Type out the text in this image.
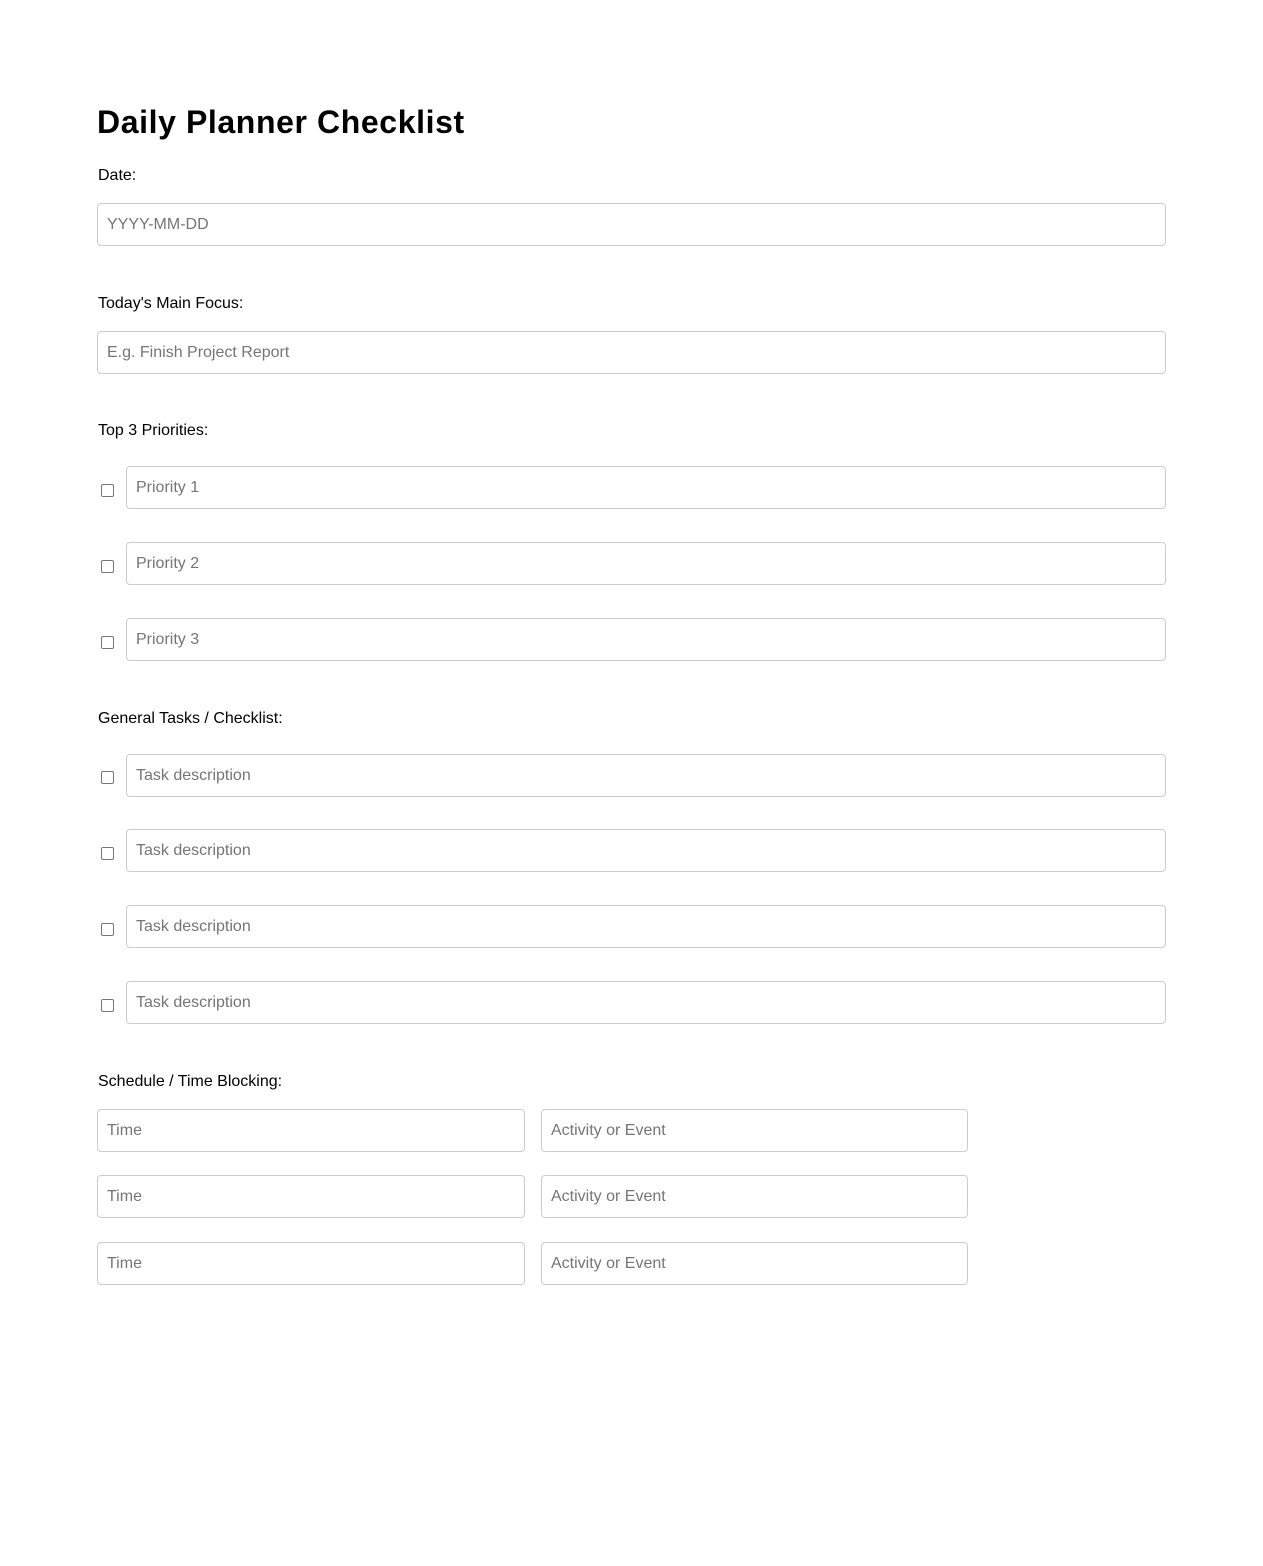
Daily Planner Checklist
Date:
YYYY-MM-DD
Today's Main Focus:
E.g. Finish Project Report
Top 3 Priorities:
Priority 1
Priority 2
Priority 3
General Tasks / Checklist:
Task description
Task description
Task description
Task description
Schedule / Time Blocking:
Time
Activity or Event
Time
Activity or Event
Time
Activity or Event
